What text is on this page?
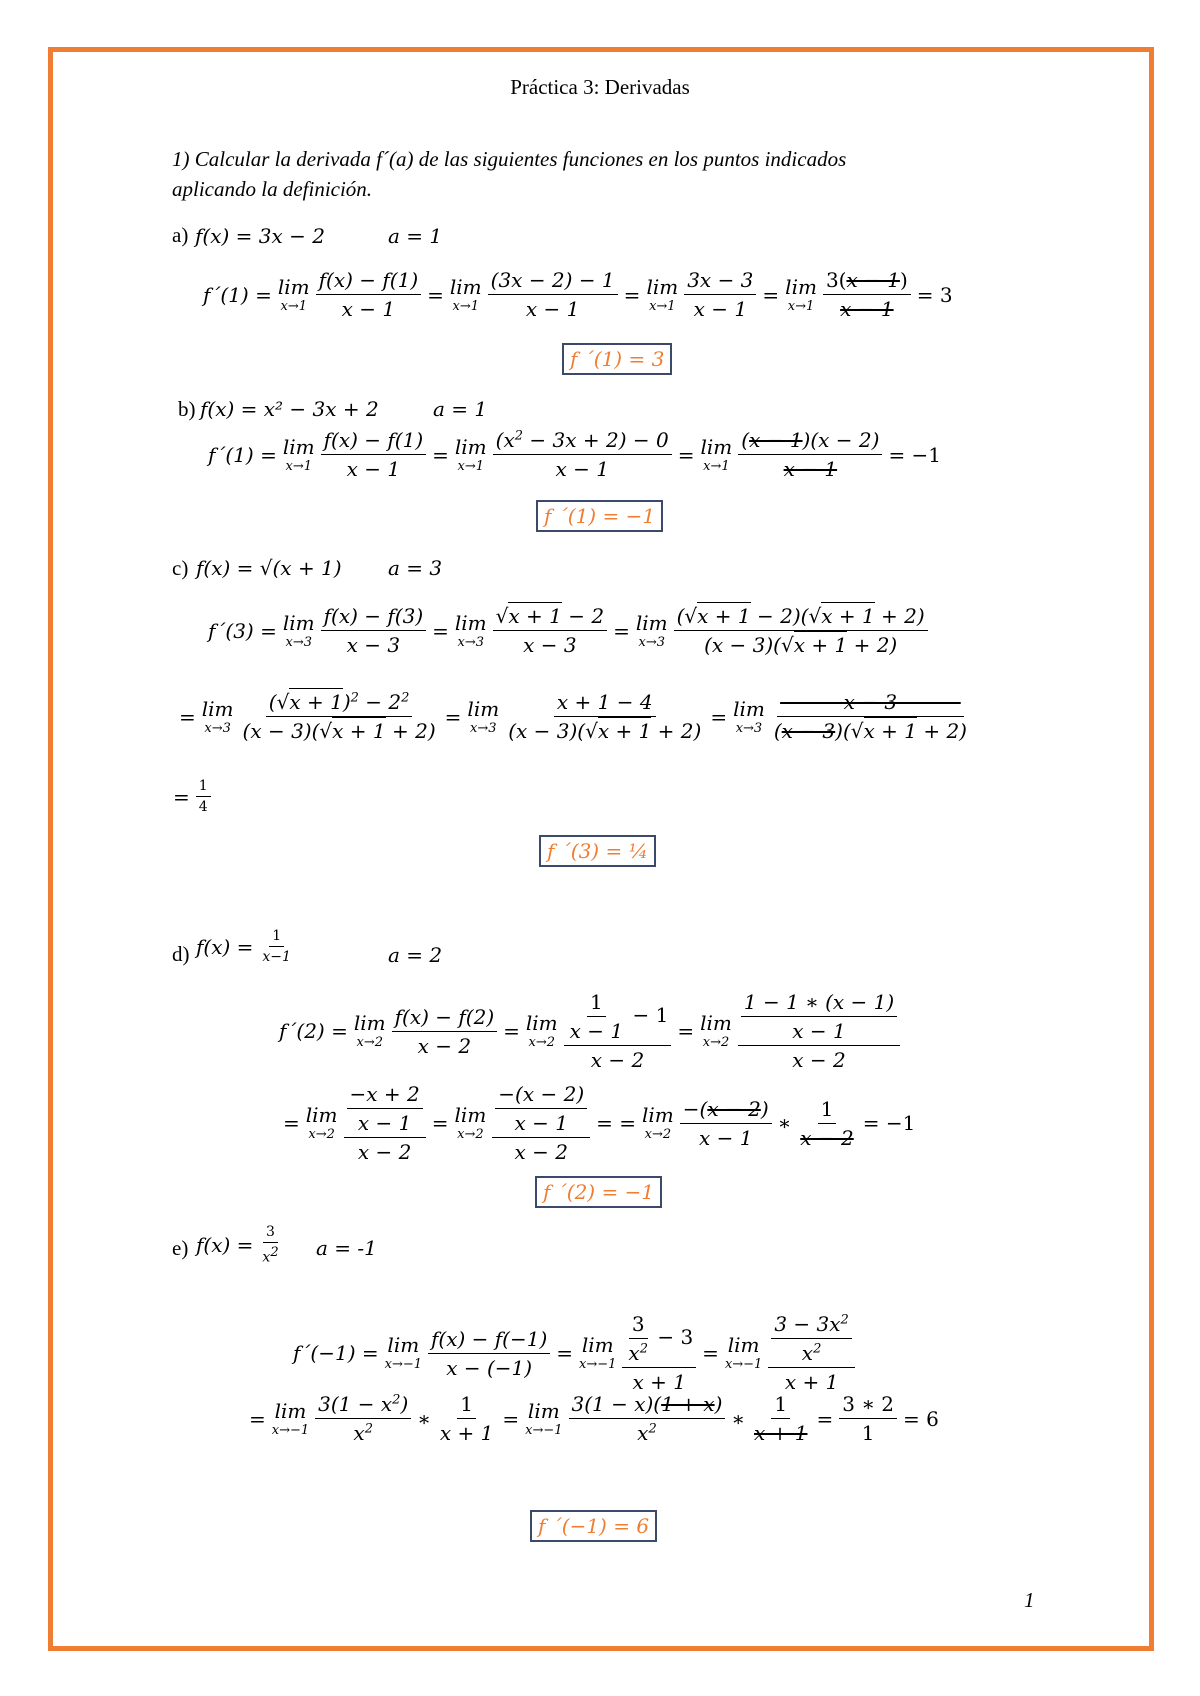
Práctica 3: Derivadas
1) Calcular la derivada f´(a) de las siguientes funciones en los puntos indicados
aplicando la definición.
a) f(x) = 3x − 2	a = 1
f´(1) = lim
$x\to 1 \frac{f(x) - f(1)}{x - 1} = \lim$
$x\to 1 \frac{(3x - 2) - 1}{x - 1} = \lim$
$x\to 1 \frac{3x - 3}{x - 1} = \lim$
$x\to 1 \frac{3(x - 1)}{x - 1} = 3$
f ´(1) = 3
b) f(x) = x² − 3x + 2	a = 1
f´(1) = lim
$x\to 1 \frac{f(x) - f(1)}{x - 1} = \lim$
$x\to 1 \frac{(x^2 - 3x + 2) - 0}{x - 1} = \lim$
$x\to 1 \frac{(x - 1)(x - 2)}{x - 1} = -1$
f ´(1) = −1
c) f(x) = √(x + 1) a = 3
f´(3) = lim
$x\to 3 \frac{f(x) - f(3)}{x - 3} = \lim$
$x\to 3 \frac{√x + 1 - 2}{x - 3} = \lim$
$x\to 3 \frac{(√x + 1 - 2)(√x + 1 + 2)}{(x - 3)(√x + 1 + 2)}$
= lim
$x\to 3 \frac{(√x + 1)^2 - 2^2}{(x - 3)(√x + 1 + 2)} = \lim$
$x\to 3 \frac{x + 1 - 4}{(x - 3)(√x + 1 + 2)} = \lim$
$x\to 3 \frac{x - 3}{(x - 3)(√x + 1 + 2)}$
= $\frac{1}{4}$
f ´(3) = ¼
d) $f(x) = \frac{1}{x-1}$	a = 2
f´(2) = lim
$x\to 2 \frac{f(x) - f(2)}{x - 2} = \lim$
$x\to 2 \frac{\frac{1}{x - 1} - 1}{x - 2} = \lim$
$x\to 2 \frac{\frac{1 - 1 ∗ (x - 1)}{x - 1}}{x - 2}$
= lim
$x\to 2 \frac{\frac{-x + 2}{x - 1}}{x - 2} = \lim$
$x\to 2 \frac{\frac{-(x - 2)}{x - 1}}{x - 2}$ = = lim
$x\to 2 \frac{-(x - 2)}{x - 1}$ ∗ $\frac{1}{x - 2} = -1$
f ´(2) = −1
e) $f(x) = \frac{3}{x2}$ a = -1
f´(−1) = lim
$x\to-1 \frac{f(x) - f(-1)}{x - (-1)} = \lim$
$x\to-1 \frac{\frac{3}{x^2} - 3}{x + 1} = \lim$
$x\to-1 \frac{\frac{3 - 3x^2}{x^2}}{x + 1}$
= lim
$x\to-1 \frac{3(1 - x^2)}{x^2}$ ∗ $\frac{1}{x + 1} = \lim$
$x\to-1 \frac{3(1 - x)(1 + x)}{x^2}$ ∗ $\frac{1}{x + 1} = \frac{3 ∗ 2}{1} = 6$
f ´(−1) = 6
1
